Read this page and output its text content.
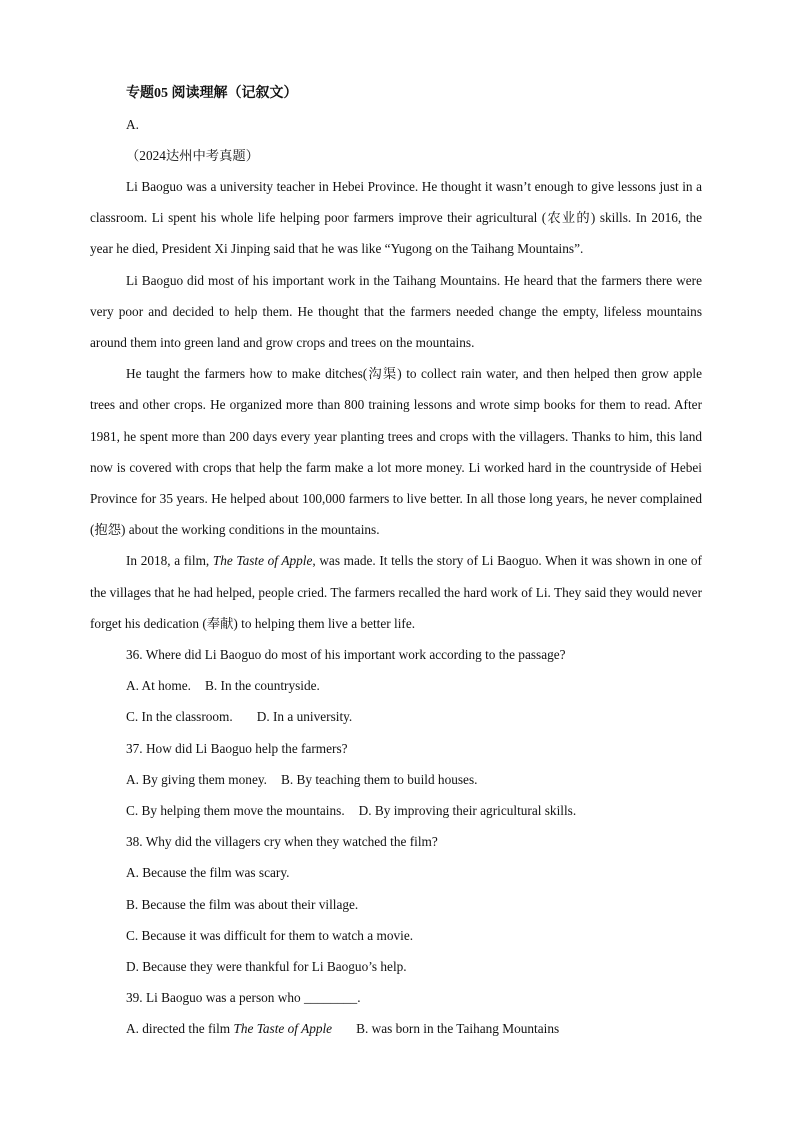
专题05 阅读理解（记叙文）
A.
（2024达州中考真题）

Li Baoguo was a university teacher in Hebei Province. He thought it wasn’t enough to give lessons just in a classroom. Li spent his whole life helping poor farmers improve their agricultural (农业的) skills. In 2016, the year he died, President Xi Jinping said that he was like “Yugong on the Taihang Mountains”.

Li Baoguo did most of his important work in the Taihang Mountains. He heard that the farmers there were very poor and decided to help them. He thought that the farmers needed change the empty, lifeless mountains around them into green land and grow crops and trees on the mountains.

He taught the farmers how to make ditches(沟渠) to collect rain water, and then helped then grow apple trees and other crops. He organized more than 800 training lessons and wrote simp books for them to read. After 1981, he spent more than 200 days every year planting trees and crops with the villagers. Thanks to him, this land now is covered with crops that help the farm make a lot more money. Li worked hard in the countryside of Hebei Province for 35 years. He helped about 100,000 farmers to live better. In all those long years, he never complained (抱怨) about the working conditions in the mountains.

In 2018, a film, The Taste of Apple, was made. It tells the story of Li Baoguo. When it was shown in one of the villages that he had helped, people cried. The farmers recalled the hard work of Li. They said they would never forget his dedication (奉献) to helping them live a better life.

36. Where did Li Baoguo do most of his important work according to the passage?
A. At home. B. In the countryside.
C. In the classroom. D. In a university.
37. How did Li Baoguo help the farmers?
A. By giving them money. B. By teaching them to build houses.
C. By helping them move the mountains. D. By improving their agricultural skills.
38. Why did the villagers cry when they watched the film?
A. Because the film was scary.
B. Because the film was about their village.
C. Because it was difficult for them to watch a movie.
D. Because they were thankful for Li Baoguo’s help.
39. Li Baoguo was a person who ________.
A. directed the film The Taste of Apple B. was born in the Taihang Mountains
